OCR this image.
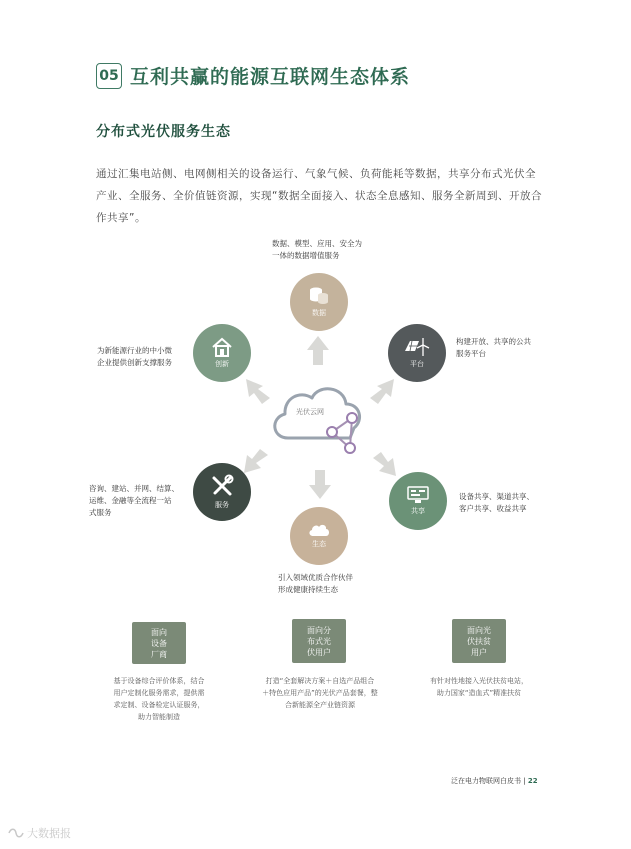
05 互利共赢的能源互联网生态体系
分布式光伏服务生态
通过汇集电站侧、电网侧相关的设备运行、气象气候、负荷能耗等数据，共享分布式光伏全产业、全服务、全价值链资源，实现“数据全面接入、状态全息感知、服务全新周到、开放合作共享”。
光伏云网
数据
数据、模型、应用、安全为
一体的数据增值服务
平台
构建开放、共享的公共
服务平台
共享
设备共享、渠道共享、
客户共享、收益共享
生态
引入领域优质合作伙伴
形成健康持续生态
服务
咨询、建站、并网、结算、
运维、金融等全流程一站
式服务
创新
为新能源行业的中小微
企业提供创新支撑服务
面向
设备
厂商
基于设备综合评价体系，结合
用户定制化服务需求，提供需
求定制、设备检定认证服务，
助力智能制造
面向分
布式光
伏用户
打造“全套解决方案＋自选产品组合
＋特色应用产品”的光伏产品套餐，整
合新能源全产业链资源
面向光
伏扶贫
用户
有针对性地接入光伏扶贫电站，
助力国家“造血式”精准扶贫
泛在电力物联网白皮书 | 22
大数据报
